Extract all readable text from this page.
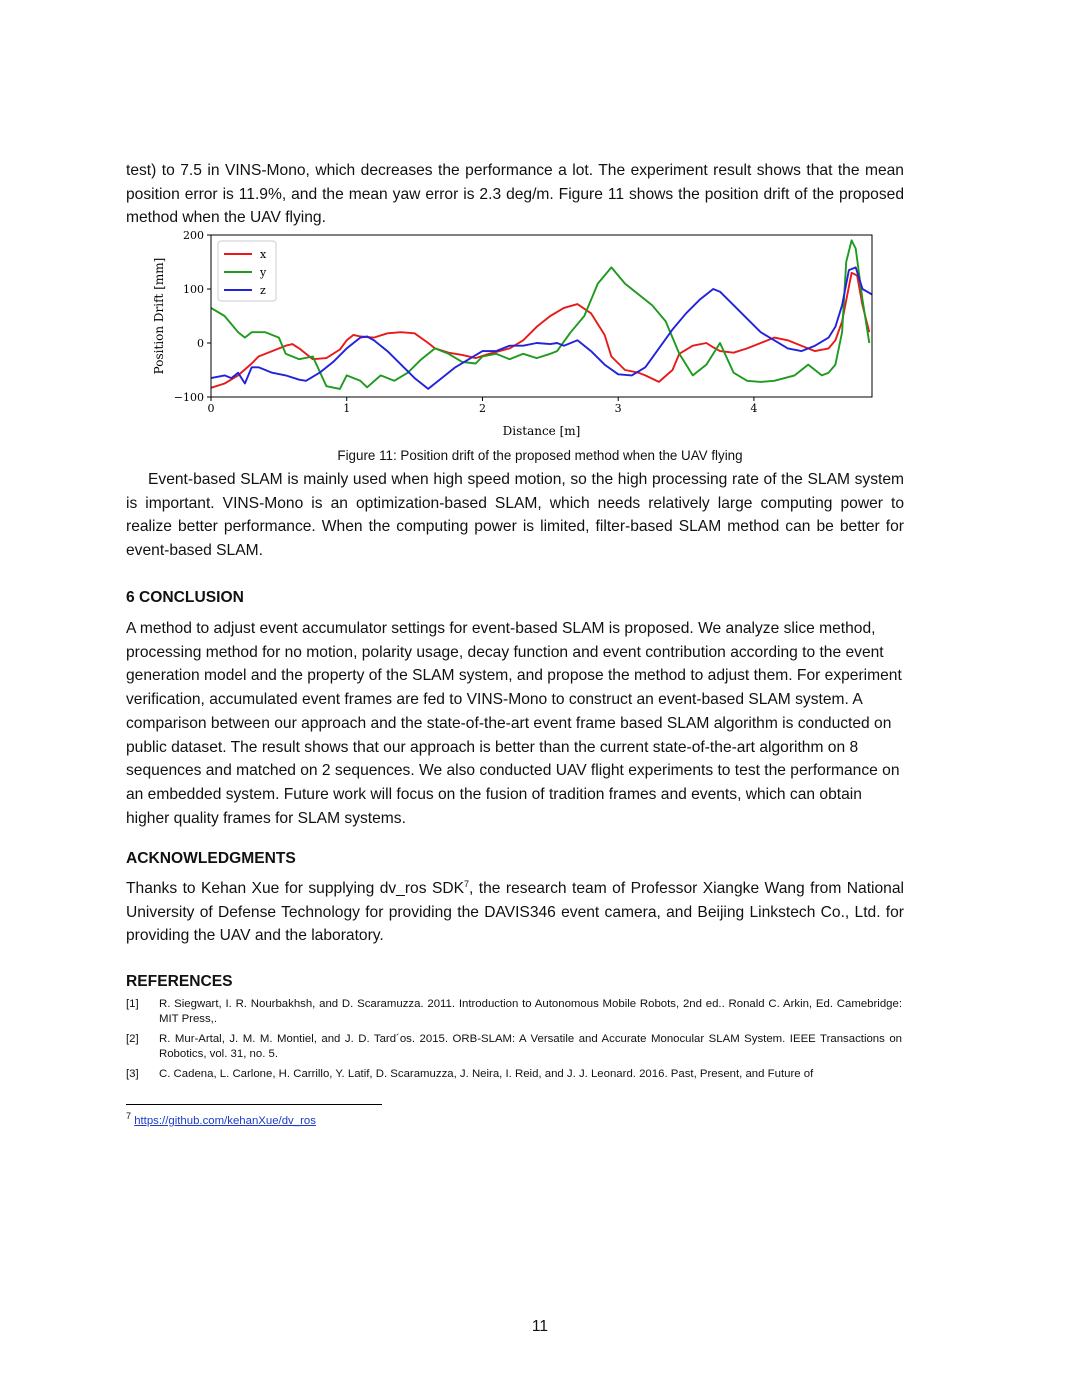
test) to 7.5 in VINS-Mono, which decreases the performance a lot. The experiment result shows that the mean position error is 11.9%, and the mean yaw error is 2.3 deg/m. Figure 11 shows the position drift of the proposed method when the UAV flying.

0	1	2	3	4
−100
0
100
200
Distance [m]
Position Drift [mm]
x
y
z

Figure 11: Position drift of the proposed method when the UAV flying

Event-based SLAM is mainly used when high speed motion, so the high processing rate of the SLAM system is important. VINS-Mono is an optimization-based SLAM, which needs relatively large computing power to realize better performance. When the computing power is limited, filter-based SLAM method can be better for event-based SLAM.

6 CONCLUSION

A method to adjust event accumulator settings for event-based SLAM is proposed. We analyze slice method, processing method for no motion, polarity usage, decay function and event contribution according to the event generation model and the property of the SLAM system, and propose the method to adjust them. For experiment verification, accumulated event frames are fed to VINS-Mono to construct an event-based SLAM system. A comparison between our approach and the state-of-the-art event frame based SLAM algorithm is conducted on public dataset. The result shows that our approach is better than the current state-of-the-art algorithm on 8 sequences and matched on 2 sequences. We also conducted UAV flight experiments to test the performance on an embedded system. Future work will focus on the fusion of tradition frames and events, which can obtain higher quality frames for SLAM systems.

ACKNOWLEDGMENTS

Thanks to Kehan Xue for supplying dv_ros SDK$^7$, the research team of Professor Xiangke Wang from National University of Defense Technology for providing the DAVIS346 event camera, and Beijing Linkstech Co., Ltd. for providing the UAV and the laboratory.

REFERENCES

[1] R. Siegwart, I. R. Nourbakhsh, and D. Scaramuzza. 2011. Introduction to Autonomous Mobile Robots, 2nd ed.. Ronald C. Arkin, Ed. Camebridge: MIT Press,.
[2] R. Mur-Artal, J. M. M. Montiel, and J. D. Tard´os. 2015. ORB-SLAM: A Versatile and Accurate Monocular SLAM System. IEEE Transactions on Robotics, vol. 31, no. 5.
[3] C. Cadena, L. Carlone, H. Carrillo, Y. Latif, D. Scaramuzza, J. Neira, I. Reid, and J. J. Leonard. 2016. Past, Present, and Future of

$^7$ https://github.com/kehanXue/dv_ros

11
